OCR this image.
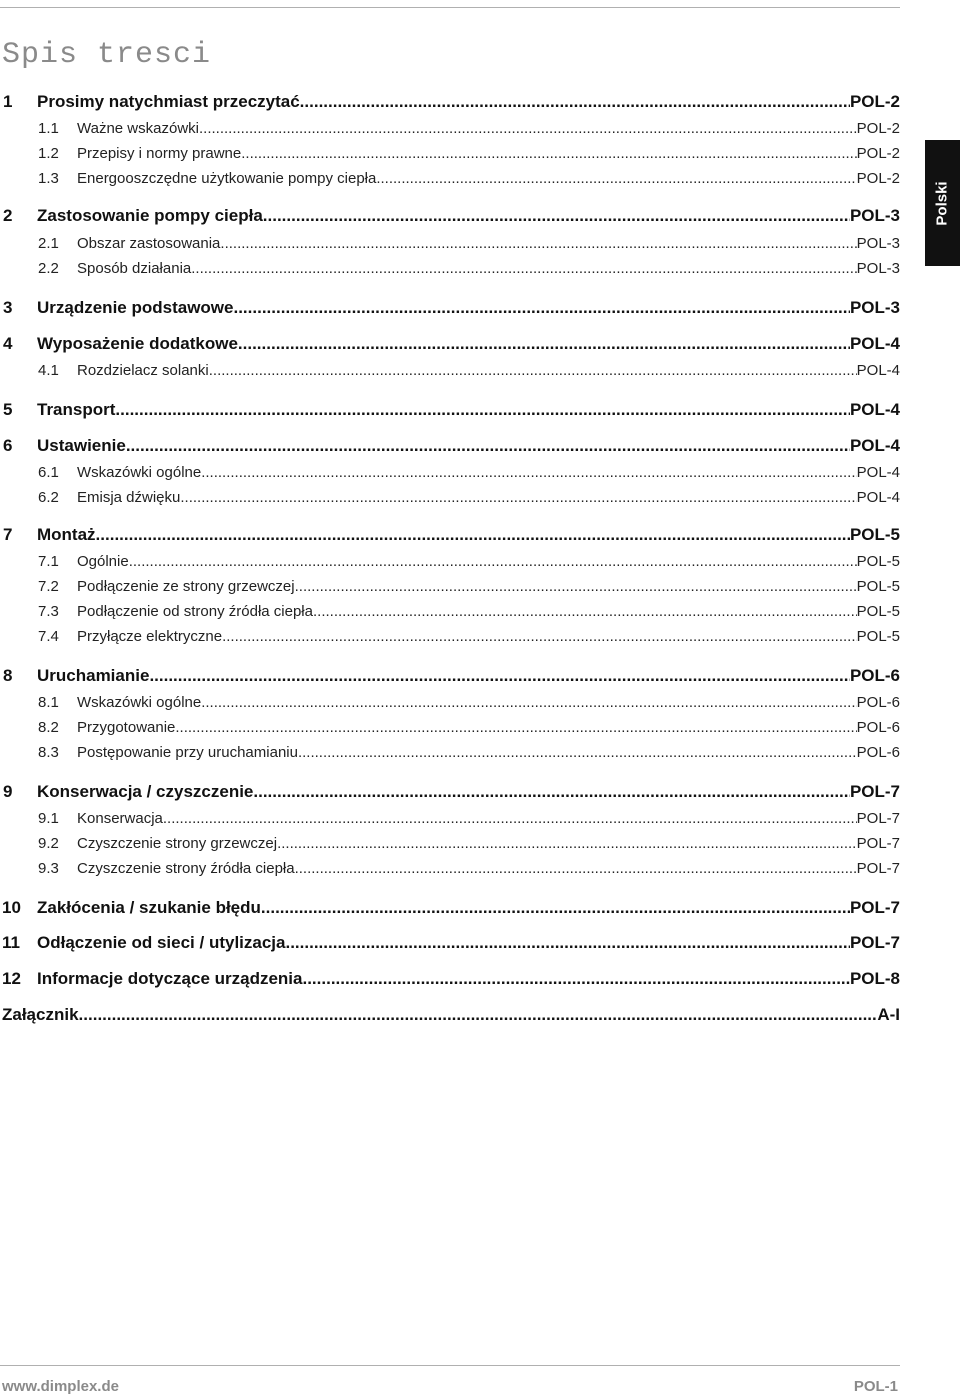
Spis tresci
Polski
1	Prosimy natychmiast przeczytać .....	POL-2
1.1	Ważne wskazówki .....	POL-2
1.2	Przepisy i normy prawne .....	POL-2
1.3	Energooszczędne użytkowanie pompy ciepła .....	POL-2
2	Zastosowanie pompy ciepła .....	POL-3
2.1	Obszar zastosowania .....	POL-3
2.2	Sposób działania .....	POL-3
3	Urządzenie podstawowe .....	POL-3
4	Wyposażenie dodatkowe .....	POL-4
4.1	Rozdzielacz solanki .....	POL-4
5	Transport .....	POL-4
6	Ustawienie .....	POL-4
6.1	Wskazówki ogólne .....	POL-4
6.2	Emisja dźwięku .....	POL-4
7	Montaż .....	POL-5
7.1	Ogólnie .....	POL-5
7.2	Podłączenie ze strony grzewczej .....	POL-5
7.3	Podłączenie od strony źródła ciepła .....	POL-5
7.4	Przyłącze elektryczne .....	POL-5
8	Uruchamianie .....	POL-6
8.1	Wskazówki ogólne .....	POL-6
8.2	Przygotowanie .....	POL-6
8.3	Postępowanie przy uruchamianiu .....	POL-6
9	Konserwacja / czyszczenie .....	POL-7
9.1	Konserwacja .....	POL-7
9.2	Czyszczenie strony grzewczej .....	POL-7
9.3	Czyszczenie strony źródła ciepła .....	POL-7
10 Zakłócenia / szukanie błędu .....	POL-7
11	Odłączenie od sieci / utylizacja .....	POL-7
12 Informacje dotyczące urządzenia .....	POL-8
Załącznik .....	A-I
www.dimplex.de	POL-1
